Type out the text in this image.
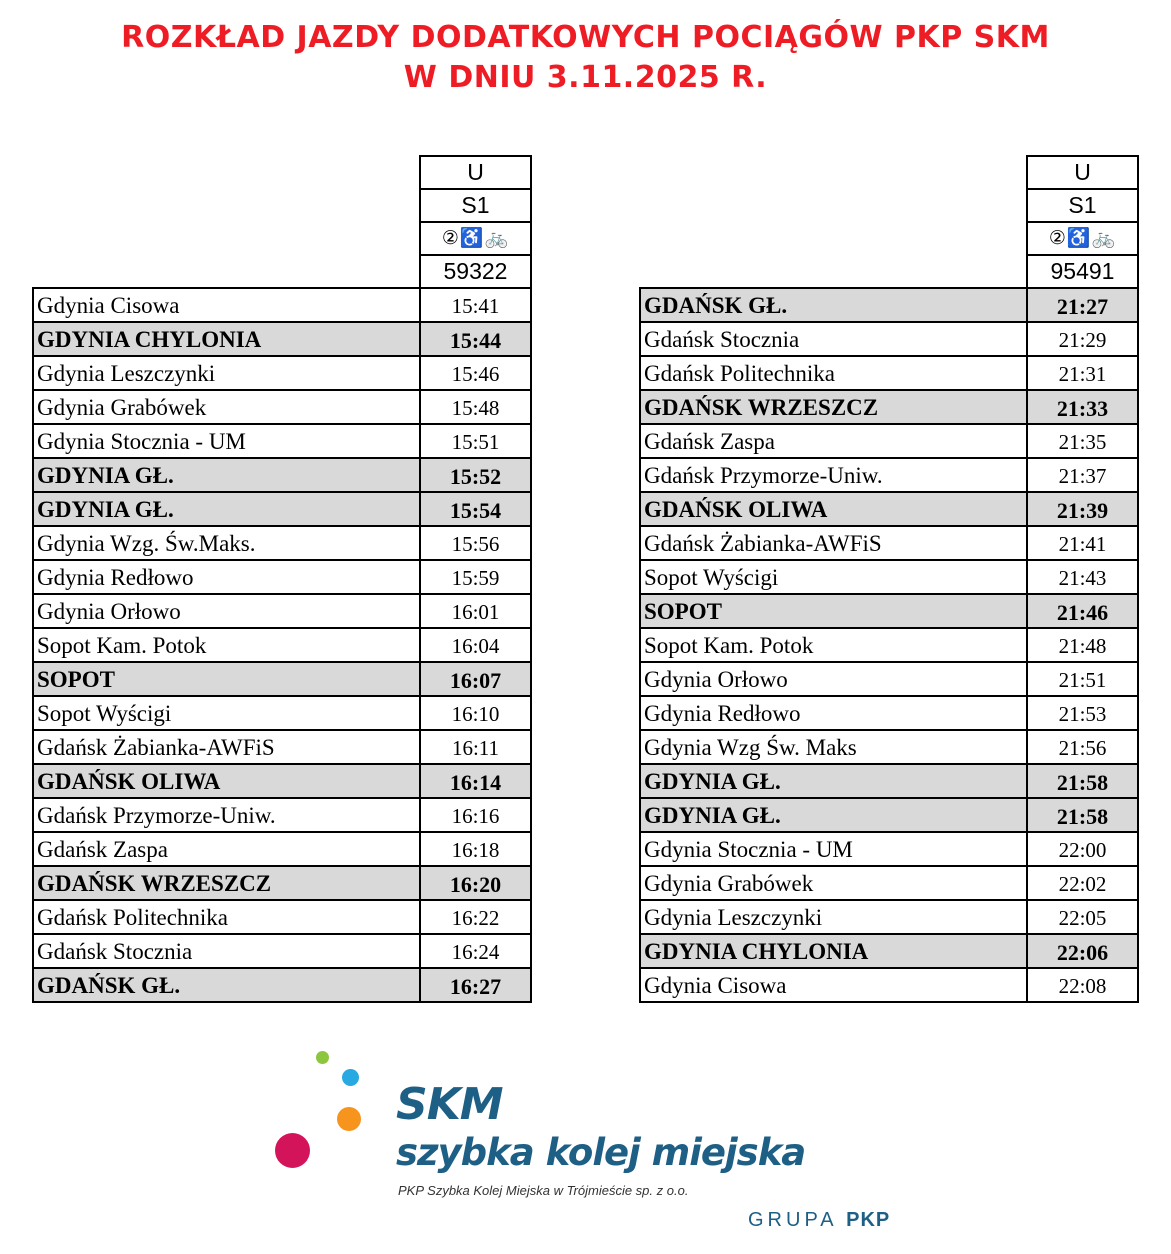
ROZKŁAD JAZDY DODATKOWYCH POCIĄGÓW PKP SKM
W DNIU 3.11.2025 R.
	U
	S1
	②♿🚲
	59322
Gdynia Cisowa	15:41
GDYNIA CHYLONIA	15:44
Gdynia Leszczynki	15:46
Gdynia Grabówek	15:48
Gdynia Stocznia - UM	15:51
GDYNIA GŁ.	15:52
GDYNIA GŁ.	15:54
Gdynia Wzg. Św.Maks.	15:56
Gdynia Redłowo	15:59
Gdynia Orłowo	16:01
Sopot Kam. Potok	16:04
SOPOT	16:07
Sopot Wyścigi	16:10
Gdańsk Żabianka-AWFiS	16:11
GDAŃSK OLIWA	16:14
Gdańsk Przymorze-Uniw.	16:16
Gdańsk Zaspa	16:18
GDAŃSK WRZESZCZ	16:20
Gdańsk Politechnika	16:22
Gdańsk Stocznia	16:24
GDAŃSK GŁ.	16:27
	U
	S1
	②♿🚲
	95491
GDAŃSK GŁ.	21:27
Gdańsk Stocznia	21:29
Gdańsk Politechnika	21:31
GDAŃSK WRZESZCZ	21:33
Gdańsk Zaspa	21:35
Gdańsk Przymorze-Uniw.	21:37
GDAŃSK OLIWA	21:39
Gdańsk Żabianka-AWFiS	21:41
Sopot Wyścigi	21:43
SOPOT	21:46
Sopot Kam. Potok	21:48
Gdynia Orłowo	21:51
Gdynia Redłowo	21:53
Gdynia Wzg Św. Maks	21:56
GDYNIA GŁ.	21:58
GDYNIA GŁ.	21:58
Gdynia Stocznia - UM	22:00
Gdynia Grabówek	22:02
Gdynia Leszczynki	22:05
GDYNIA CHYLONIA	22:06
Gdynia Cisowa	22:08

SKM

szybka kolej miejska

PKP Szybka Kolej Miejska w Trójmieście sp. z o.o.

GRUPA PKP
